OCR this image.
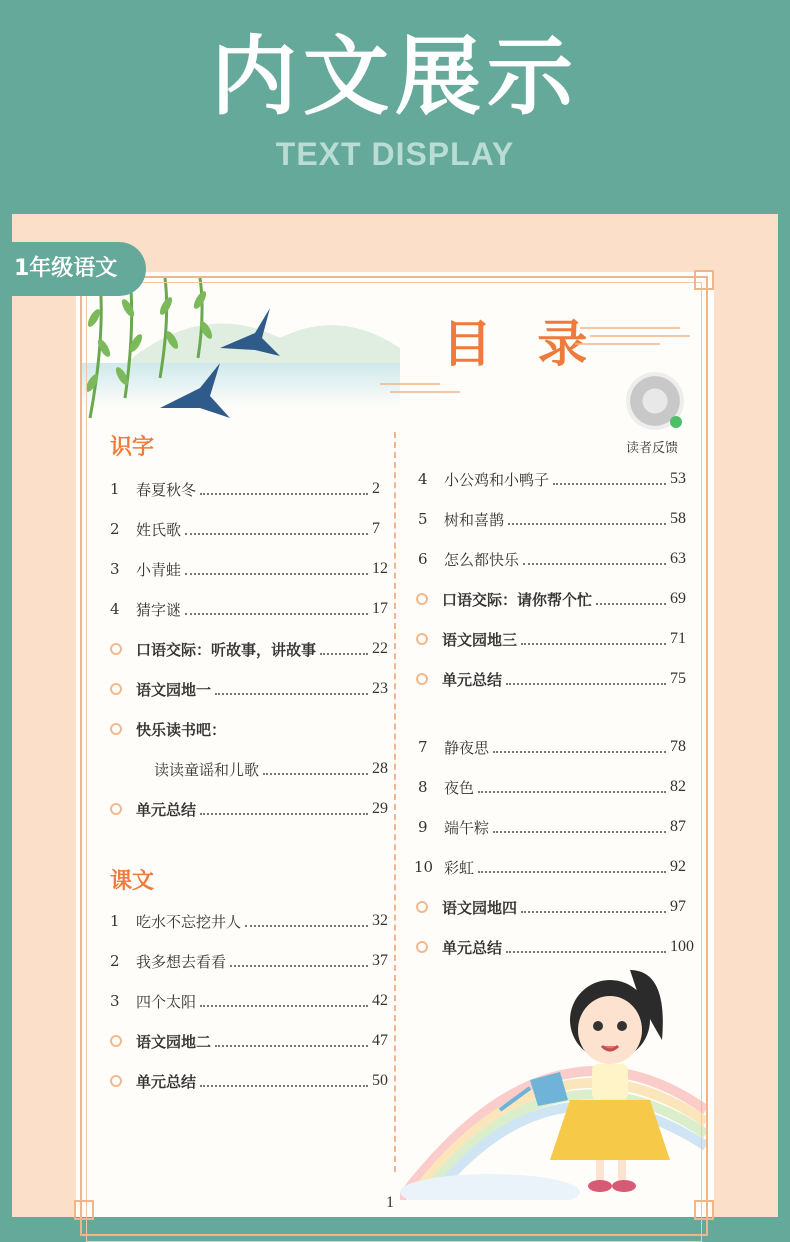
内文展示
TEXT DISPLAY
1年级语文
目 录
读者反馈
识字
1	春夏秋冬	2
2	姓氏歌	7
3	小青蛙	12
4	猜字谜	17
口语交际：听故事，讲故事	22
语文园地一	23
快乐读书吧：
读读童谣和儿歌	28
单元总结	29
课文
1	吃水不忘挖井人	32
2	我多想去看看	37
3	四个太阳	42
语文园地二	47
单元总结	50
4	小公鸡和小鸭子	53
5	树和喜鹊	58
6	怎么都快乐	63
口语交际：请你帮个忙	69
语文园地三	71
单元总结	75
7	静夜思	78
8	夜色	82
9	端午粽	87
10 彩虹	92
语文园地四	97
单元总结	100
1
